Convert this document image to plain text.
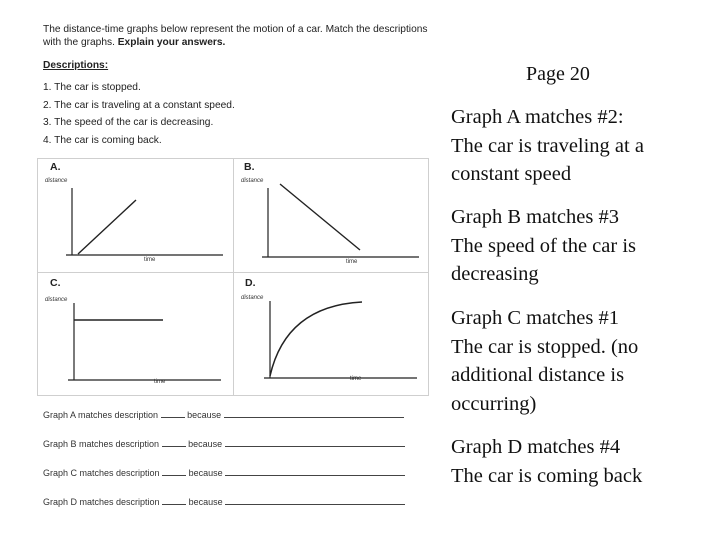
The distance-time graphs below represent the motion of a car. Match the descriptions with the graphs. Explain your answers.
Descriptions:
1. The car is stopped.
2. The car is traveling at a constant speed.
3. The speed of the car is decreasing.
4. The car is coming back.
A.
distance
time
B.
distance
time
C.
distance
time
D.
distance
time
Graph A matches description	because
Graph B matches description	because
Graph C matches description	because
Graph D matches description	because
Page 20
Graph A matches #2:
The car is traveling at a
constant speed
Graph B matches #3
The speed of the car is
decreasing
Graph C matches #1
The car is stopped. (no
additional distance is
occurring)
Graph D matches #4
The car is coming back
